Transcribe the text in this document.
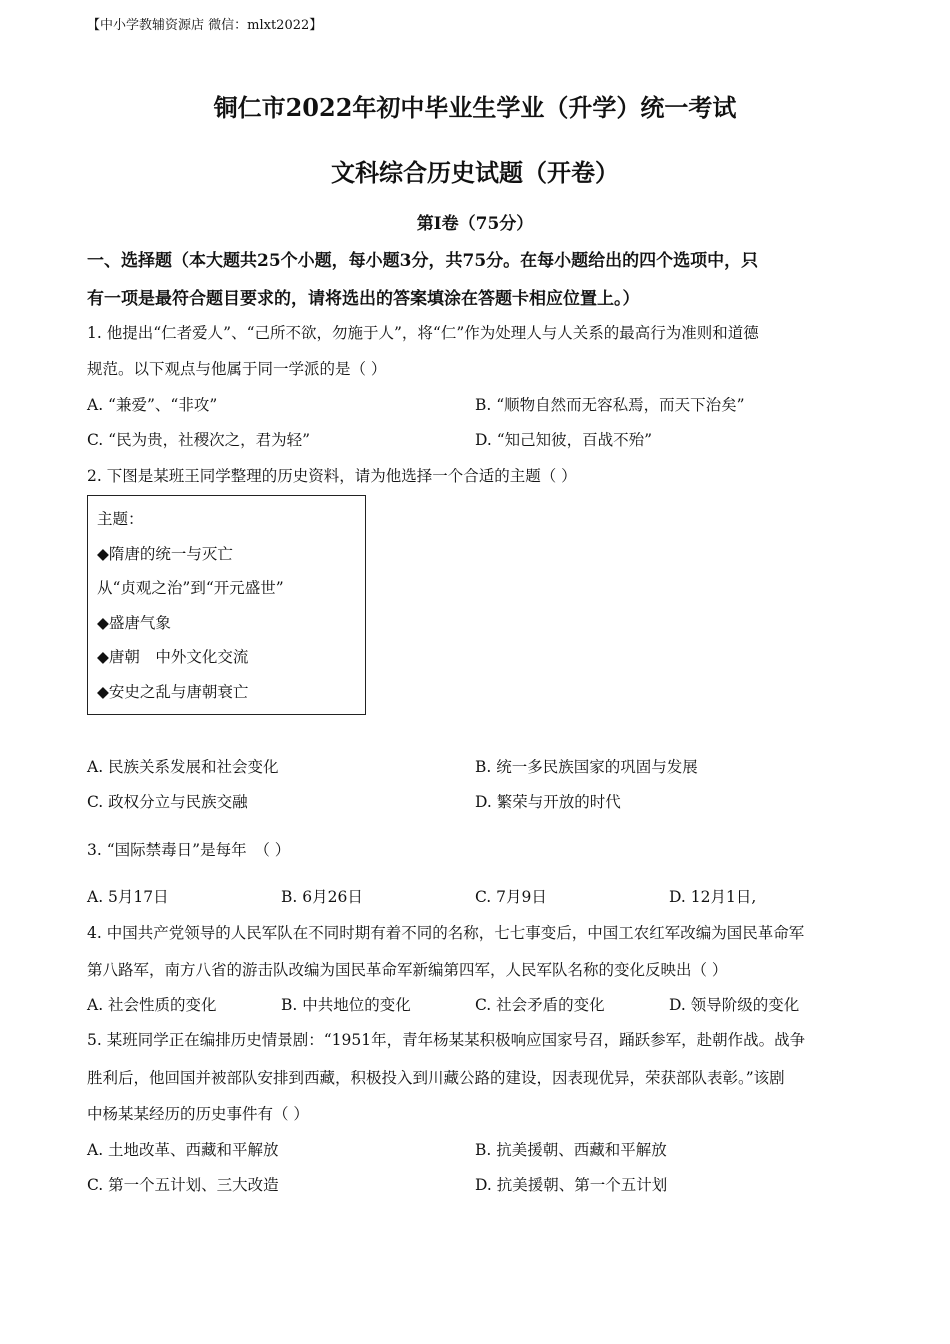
【中小学教辅资源店 微信：mlxt2022】
铜仁市2022年初中毕业生学业（升学）统一考试
文科综合历史试题（开卷）
第I卷（75分）
一、选择题（本大题共25个小题，每小题3分，共75分。在每小题给出的四个选项中，只
有一项是最符合题目要求的，请将选出的答案填涂在答题卡相应位置上。）
1. 他提出“仁者爱人”、“己所不欲，勿施于人”，将“仁”作为处理人与人关系的最高行为准则和道德
规范。以下观点与他属于同一学派的是（ ）
A. “兼爱”、“非攻”	B. “顺物自然而无容私焉，而天下治矣”
C. “民为贵，社稷次之，君为轻”	D. “知己知彼，百战不殆”
2. 下图是某班王同学整理的历史资料，请为他选择一个合适的主题（ ）
主题：
◆隋唐的统一与灭亡
从“贞观之治”到“开元盛世”
◆盛唐气象
◆唐朝　中外文化交流
◆安史之乱与唐朝衰亡
A. 民族关系发展和社会变化	B. 统一多民族国家的巩固与发展
C. 政权分立与民族交融	D. 繁荣与开放的时代
3. “国际禁毒日”是每年　（ ）
A. 5月17日	B. 6月26日	C. 7月9日	D. 12月1日,
4. 中国共产党领导的人民军队在不同时期有着不同的名称，七七事变后，中国工农红军改编为国民革命军
第八路军，南方八省的游击队改编为国民革命军新编第四军，人民军队名称的变化反映出（ ）
A. 社会性质的变化	B. 中共地位的变化	C. 社会矛盾的变化	D. 领导阶级的变化
5. 某班同学正在编排历史情景剧：“1951年，青年杨某某积极响应国家号召，踊跃参军，赴朝作战。战争
胜利后，他回国并被部队安排到西藏，积极投入到川藏公路的建设，因表现优异，荣获部队表彰。”该剧
中杨某某经历的历史事件有（ ）
A. 土地改革、西藏和平解放	B. 抗美援朝、西藏和平解放
C. 第一个五计划、三大改造	D. 抗美援朝、第一个五计划
